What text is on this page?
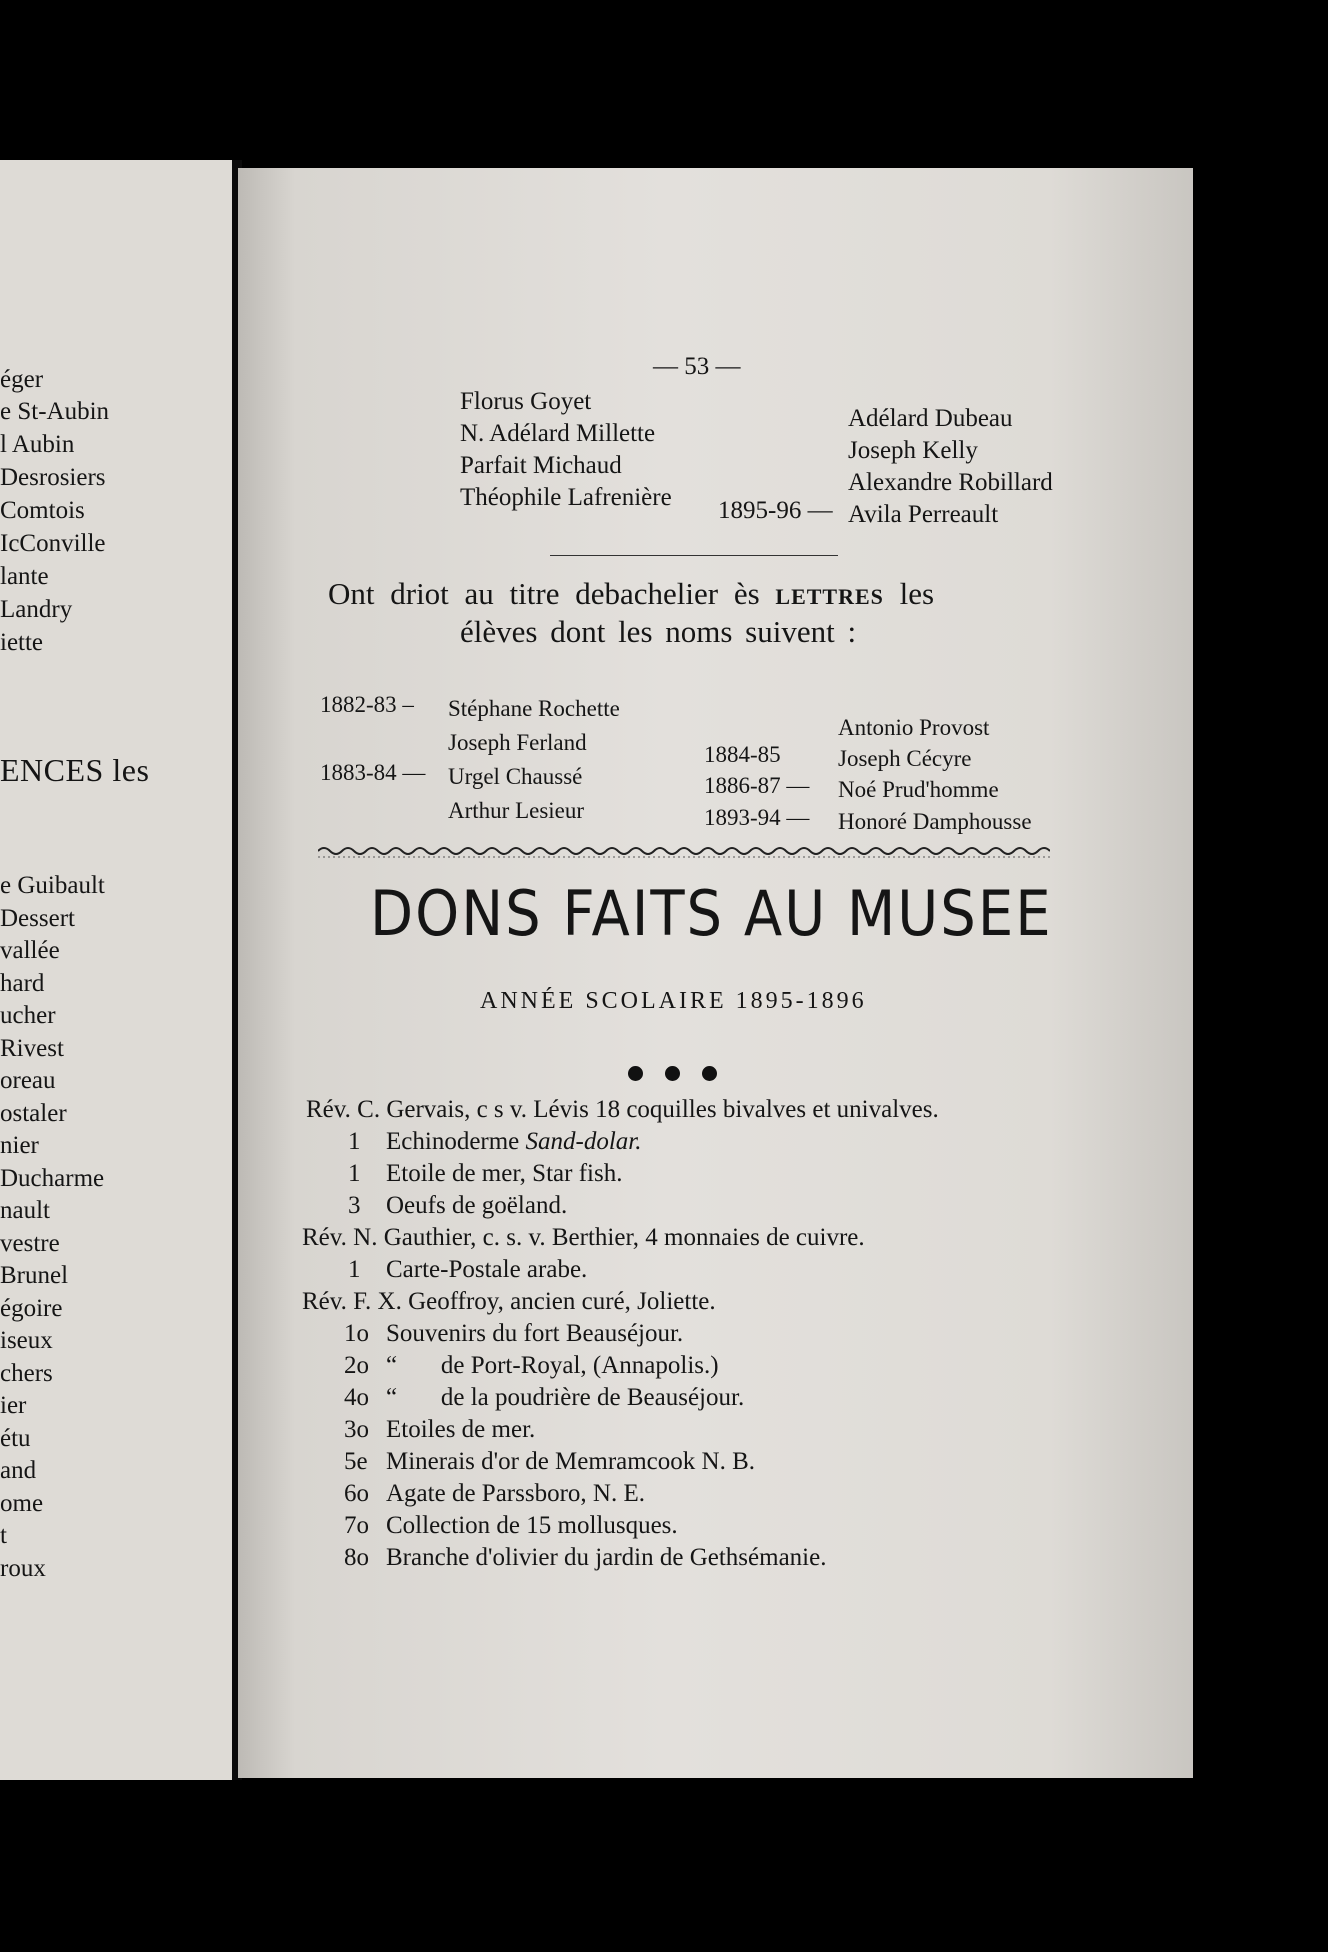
éger
e St-Aubin
l Aubin
Desrosiers
Comtois
IcConville
lante
Landry
iette
ENCES les
e Guibault
Dessert
vallée
hard
ucher
Rivest
oreau
ostaler
nier
Ducharme
nault
vestre
Brunel
égoire
iseux
chers
ier
étu
and
ome
t
roux
— 53 —
Florus Goyet
N. Adélard Millette
Parfait Michaud
Théophile Lafrenière
Adélard Dubeau
Joseph Kelly
Alexandre Robillard
1895-96 — Avila Perreault
Ont driot au titre debachelier ès LETTRES les
élèves dont les noms suivent :
1882-83 – Stéphane Rochette
Joseph Ferland
1883-84 — Urgel Chaussé
Arthur Lesieur
Antonio Provost
1884-85 Joseph Cécyre
1886-87 — Noé Prud'homme
1893-94 — Honoré Damphousse
DONS FAITS AU MUSEE
ANNÉE SCOLAIRE 1895-1896
Rév. C. Gervais, c s v. Lévis 18 coquilles bivalves et univalves.
1 Echinoderme Sand-dolar.
1 Etoile de mer, Star fish.
3 Oeufs de goëland.
Rév. N. Gauthier, c. s. v. Berthier, 4 monnaies de cuivre.
1 Carte-Postale arabe.
Rév. F. X. Geoffroy, ancien curé, Joliette.
1o Souvenirs du fort Beauséjour.
2o “       de Port-Royal, (Annapolis.)
4o “       de la poudrière de Beauséjour.
3o Etoiles de mer.
5e Minerais d'or de Memramcook N. B.
6o Agate de Parssboro, N. E.
7o Collection de 15 mollusques.
8o Branche d'olivier du jardin de Gethsémanie.
